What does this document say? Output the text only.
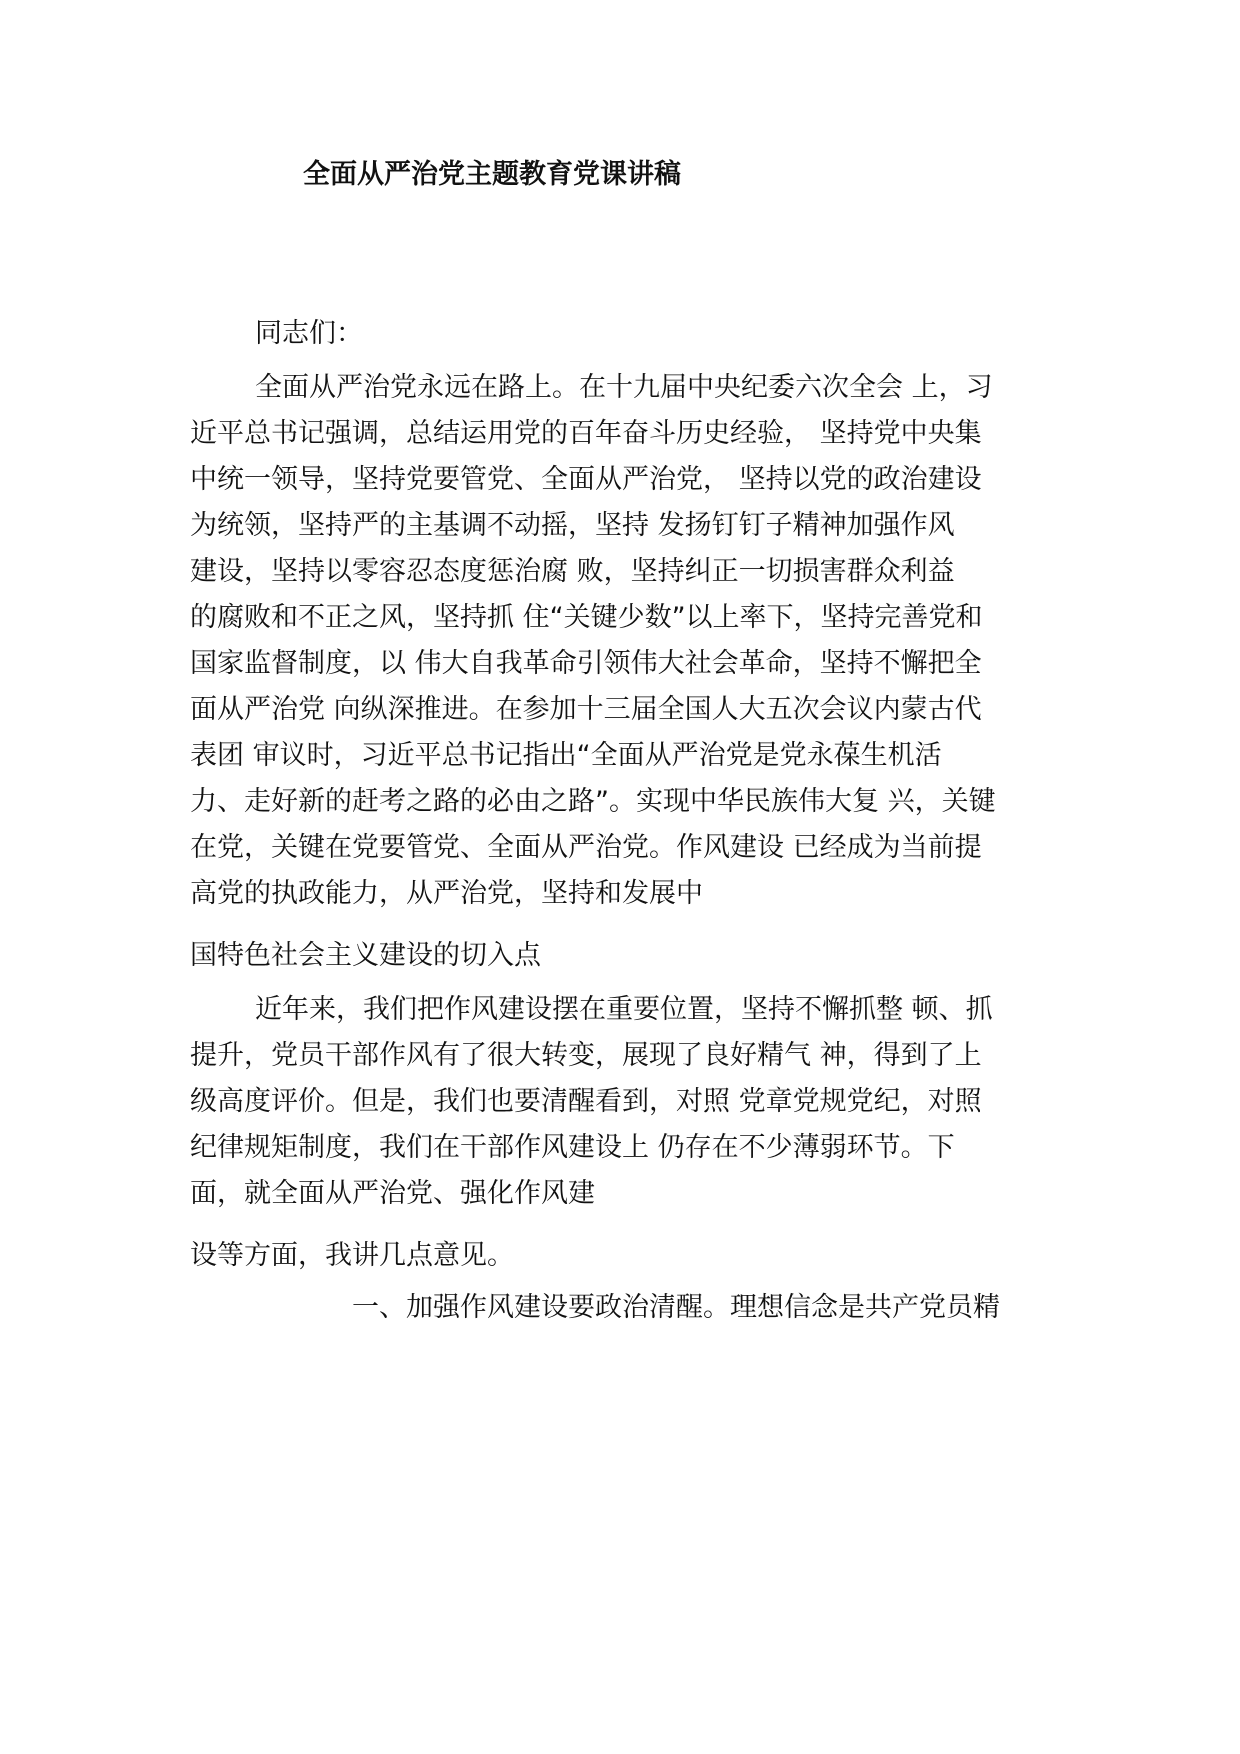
全面从严治党主题教育党课讲稿
同志们：
全面从严治党永远在路上。在十九届中央纪委六次全会 上，习
近平总书记强调，总结运用党的百年奋斗历史经验， 坚持党中央集
中统一领导，坚持党要管党、全面从严治党， 坚持以党的政治建设
为统领，坚持严的主基调不动摇，坚持 发扬钉钉子精神加强作风
建设，坚持以零容忍态度惩治腐 败，坚持纠正一切损害群众利益
的腐败和不正之风，坚持抓 住“关键少数”以上率下，坚持完善党和
国家监督制度，以 伟大自我革命引领伟大社会革命，坚持不懈把全
面从严治党 向纵深推进。在参加十三届全国人大五次会议内蒙古代
表团 审议时，习近平总书记指出“全面从严治党是党永葆生机活
力、走好新的赶考之路的必由之路”。实现中华民族伟大复 兴，关键
在党，关键在党要管党、全面从严治党。作风建设 已经成为当前提
高党的执政能力，从严治党，坚持和发展中
国特色社会主义建设的切入点
近年来，我们把作风建设摆在重要位置，坚持不懈抓整 顿、抓
提升，党员干部作风有了很大转变，展现了良好精气 神，得到了上
级高度评价。但是，我们也要清醒看到，对照 党章党规党纪，对照
纪律规矩制度，我们在干部作风建设上 仍存在不少薄弱环节。下
面，就全面从严治党、强化作风建
设等方面，我讲几点意见。
一、加强作风建设要政治清醒。理想信念是共产党员精
